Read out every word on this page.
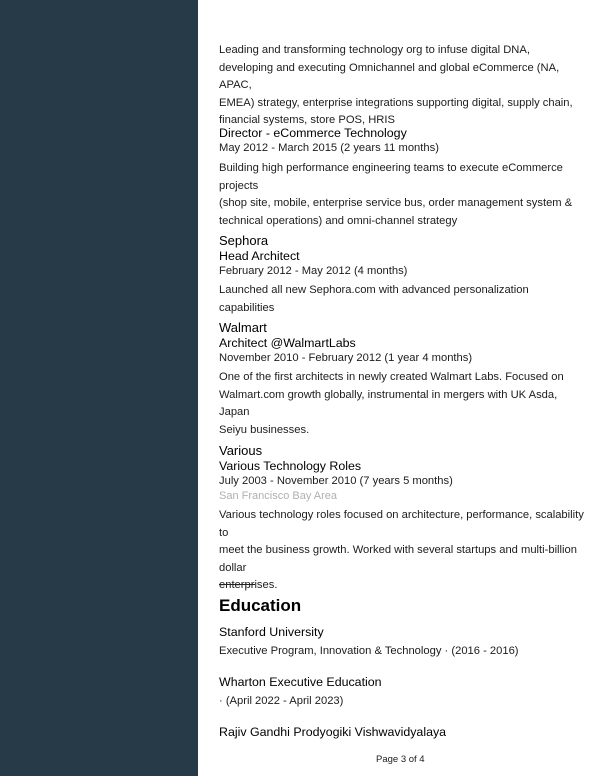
Leading and transforming technology org to infuse digital DNA,

developing and executing Omnichannel and global eCommerce (NA, APAC,

EMEA) strategy, enterprise integrations supporting digital, supply chain,

financial systems, store POS, HRIS

Director - eCommerce Technology

May 2012 - March 2015 (2 years 11 months)

Building high performance engineering teams to execute eCommerce projects

(shop site, mobile, enterprise service bus, order management system &

technical operations) and omni-channel strategy

Sephora

Head Architect

February 2012 - May 2012 (4 months)

Launched all new Sephora.com with advanced personalization capabilities

Walmart

Architect @WalmartLabs

November 2010 - February 2012 (1 year 4 months)

One of the first architects in newly created Walmart Labs. Focused on

Walmart.com growth globally, instrumental in mergers with UK Asda, Japan

Seiyu businesses.

Various

Various Technology Roles

July 2003 - November 2010 (7 years 5 months)

San Francisco Bay Area

Various technology roles focused on architecture, performance, scalability to

meet the business growth. Worked with several startups and multi-billion dollar

enterprises.

Education

Stanford University

Executive Program, Innovation & Technology · (2016 - 2016)

Wharton Executive Education

· (April 2022 - April 2023)

Rajiv Gandhi Prodyogiki Vishwavidyalaya

Page 3 of 4
